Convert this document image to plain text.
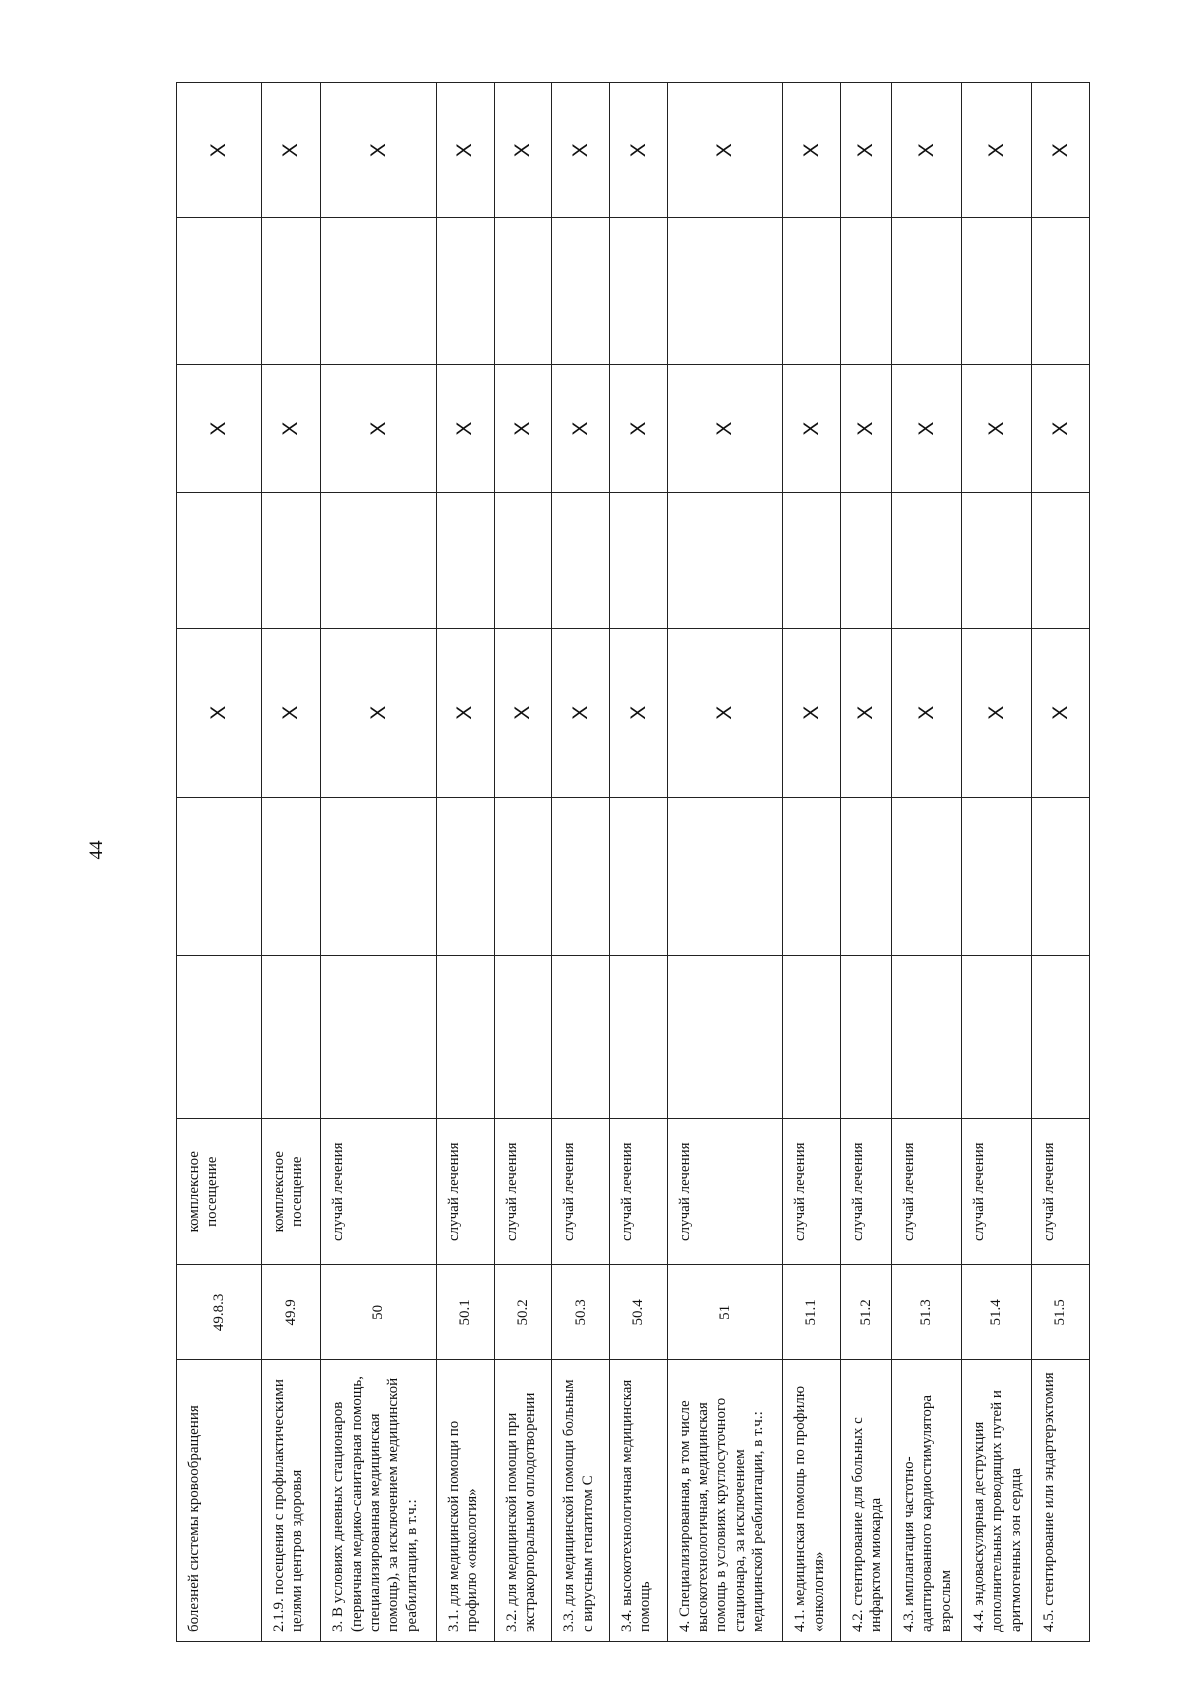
44
болезней системы кровообращения	49.8.3	комплексное посещение			X		X		X
2.1.9. посещения с профилактическими целями центров здоровья	49.9	комплексное посещение			X		X		X
3. В условиях дневных стационаров (первичная медико-санитарная помощь, специализированная медицинская помощь), за исключением медицинской реабилитации, в т.ч.:	50	случай лечения			X		X		X
3.1. для медицинской помощи по профилю «онкология»	50.1	случай лечения			X		X		X
3.2. для медицинской помощи при экстракорпоральном оплодотворении	50.2	случай лечения			X		X		X
3.3. для медицинской помощи больным с вирусным гепатитом С	50.3	случай лечения			X		X		X
3.4. высокотехнологичная медицинская помощь	50.4	случай лечения			X		X		X
4. Специализированная, в том числе высокотехнологичная, медицинская помощь в условиях круглосуточного стационара, за исключением медицинской реабилитации, в т.ч.:	51	случай лечения			X		X		X
4.1. медицинская помощь по профилю «онкология»	51.1	случай лечения			X		X		X
4.2. стентирование для больных с инфарктом миокарда	51.2	случай лечения			X		X		X
4.3. имплантация частотно-адаптированного кардиостимулятора взрослым	51.3	случай лечения			X		X		X
4.4. эндоваскулярная деструкция дополнительных проводящих путей и аритмогенных зон сердца	51.4	случай лечения			X		X		X
4.5. стентирование или эндартерэктомия	51.5	случай лечения			X		X		X
